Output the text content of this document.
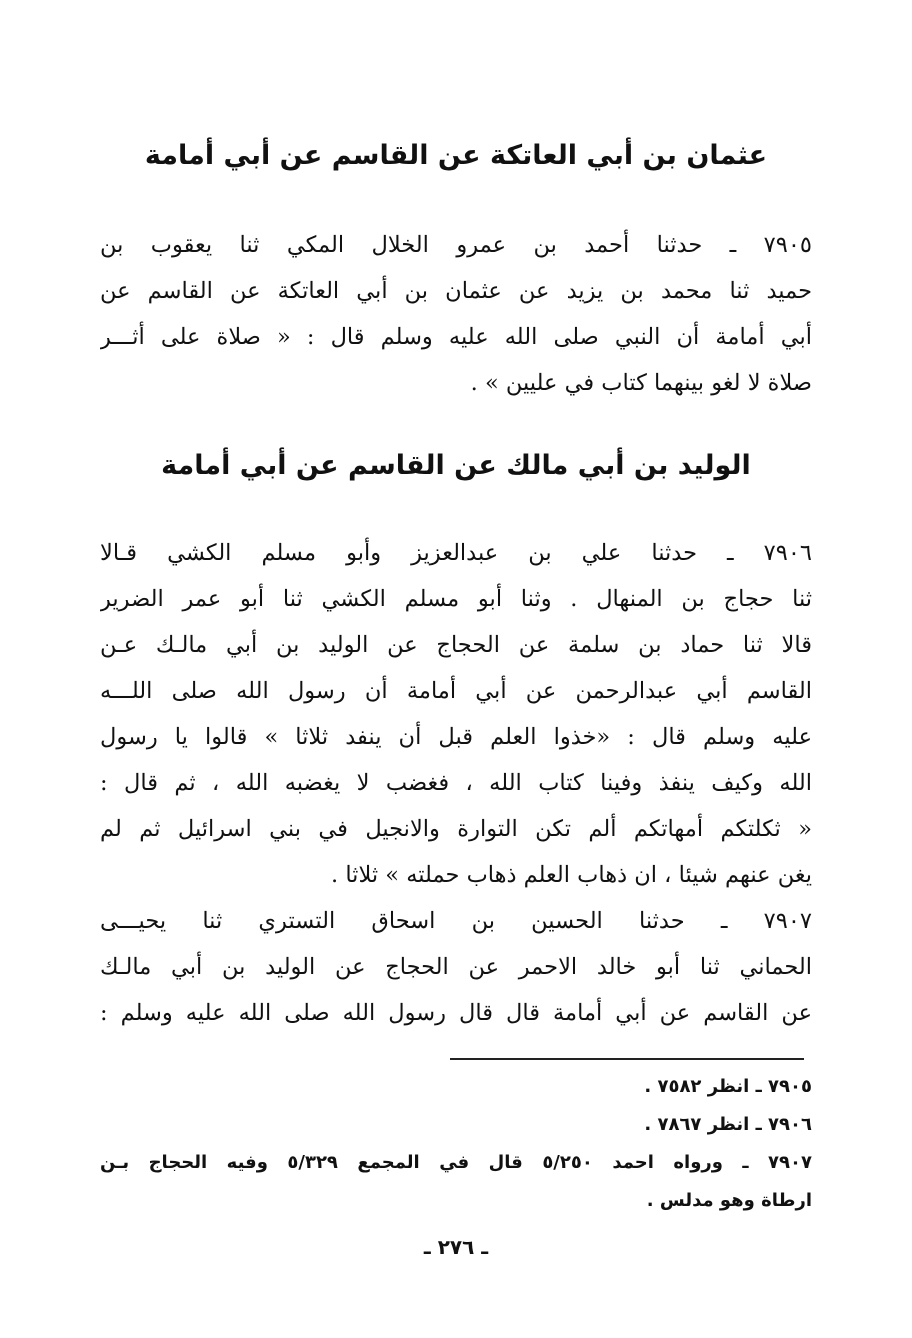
عثمان بن أبي العاتكة عن القاسم عن أبي أمامة
٧٩٠٥ ـ حدثنا أحمد بن عمرو الخلال المكي ثنا يعقوب بن
حميد ثنا محمد بن يزيد عن عثمان بن أبي العاتكة عن القاسم عن
أبي أمامة أن النبي صلى الله عليه وسلم قال : « صلاة على أثـــر
صلاة لا لغو بينهما كتاب في عليين » .
الوليد بن أبي مالك عن القاسم عن أبي أمامة
٧٩٠٦ ـ حدثنا علي بن عبدالعزيز وأبو مسلم الكشي قـالا
ثنا حجاج بن المنهال . وثنا أبو مسلم الكشي ثنا أبو عمر الضرير
قالا ثنا حماد بن سلمة عن الحجاج عن الوليد بن أبي مالـك عـن
القاسم أبي عبدالرحمن عن أبي أمامة أن رسول الله صلى اللـــه
عليه وسلم قال : «خذوا العلم قبل أن ينفد ثلاثا » قالوا يا رسول
الله وكيف ينفذ وفينا كتاب الله ، فغضب لا يغضبه الله ، ثم قال :
« ثكلتكم أمهاتكم ألم تكن التوارة والانجيل في بني اسرائيل ثم لم
يغن عنهم شيئا ، ان ذهاب العلم ذهاب حملته » ثلاثا .
٧٩٠٧ ـ حدثنا الحسين بن اسحاق التستري ثنا يحيـــى
الحماني ثنا أبو خالد الاحمر عن الحجاج عن الوليد بن أبي مالـك
عن القاسم عن أبي أمامة قال قال رسول الله صلى الله عليه وسلم :
٧٩٠٥ ـ انظر ٧٥٨٢ .
٧٩٠٦ ـ انظر ٧٨٦٧ .
٧٩٠٧ ـ ورواه احمد ٥/٢٥٠ قال في المجمع ٥/٣٢٩ وفيه الحجاج بـن
ارطاة وهو مدلس .
ـ ٢٧٦ ـ
